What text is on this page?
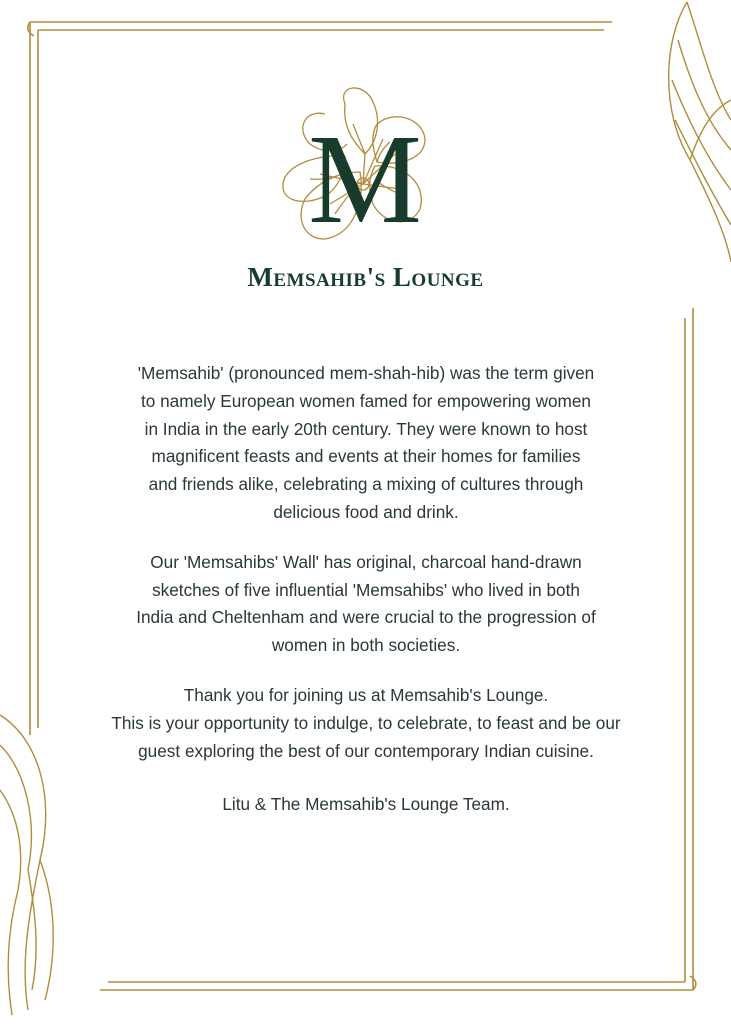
M
Memsahib's Lounge

'Memsahib' (pronounced mem-shah-hib) was the term given
to namely European women famed for empowering women
in India in the early 20th century. They were known to host
magnificent feasts and events at their homes for families
and friends alike, celebrating a mixing of cultures through
delicious food and drink.

Our 'Memsahibs' Wall' has original, charcoal hand-drawn
sketches of five influential 'Memsahibs' who lived in both
India and Cheltenham and were crucial to the progression of
women in both societies.

Thank you for joining us at Memsahib's Lounge.
This is your opportunity to indulge, to celebrate, to feast and be our
guest exploring the best of our contemporary Indian cuisine.

Litu & The Memsahib's Lounge Team.
